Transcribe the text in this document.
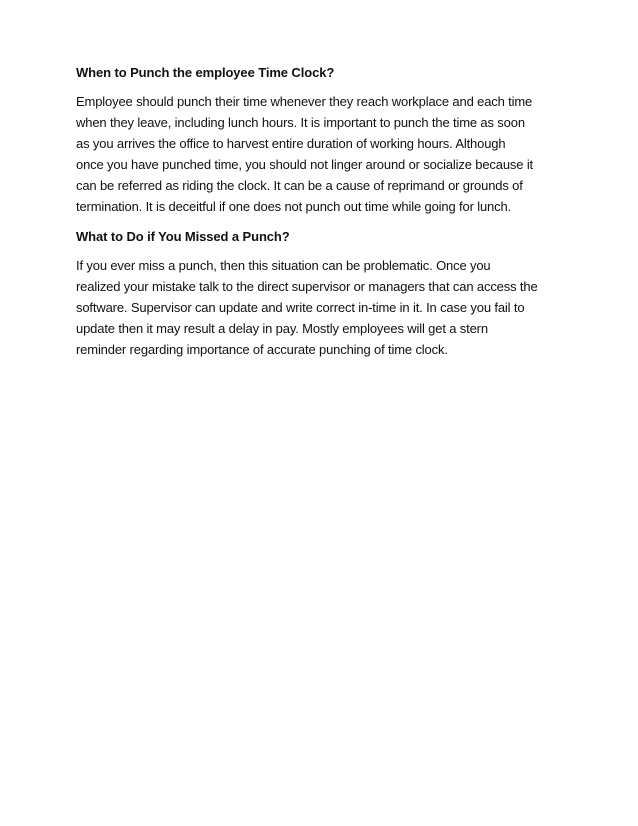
When to Punch the employee Time Clock?
Employee should punch their time whenever they reach workplace and each time
when they leave, including lunch hours. It is important to punch the time as soon
as you arrives the office to harvest entire duration of working hours. Although
once you have punched time, you should not linger around or socialize because it
can be referred as riding the clock. It can be a cause of reprimand or grounds of
termination. It is deceitful if one does not punch out time while going for lunch.
What to Do if You Missed a Punch?
If you ever miss a punch, then this situation can be problematic. Once you
realized your mistake talk to the direct supervisor or managers that can access the
software. Supervisor can update and write correct in-time in it. In case you fail to
update then it may result a delay in pay. Mostly employees will get a stern
reminder regarding importance of accurate punching of time clock.
